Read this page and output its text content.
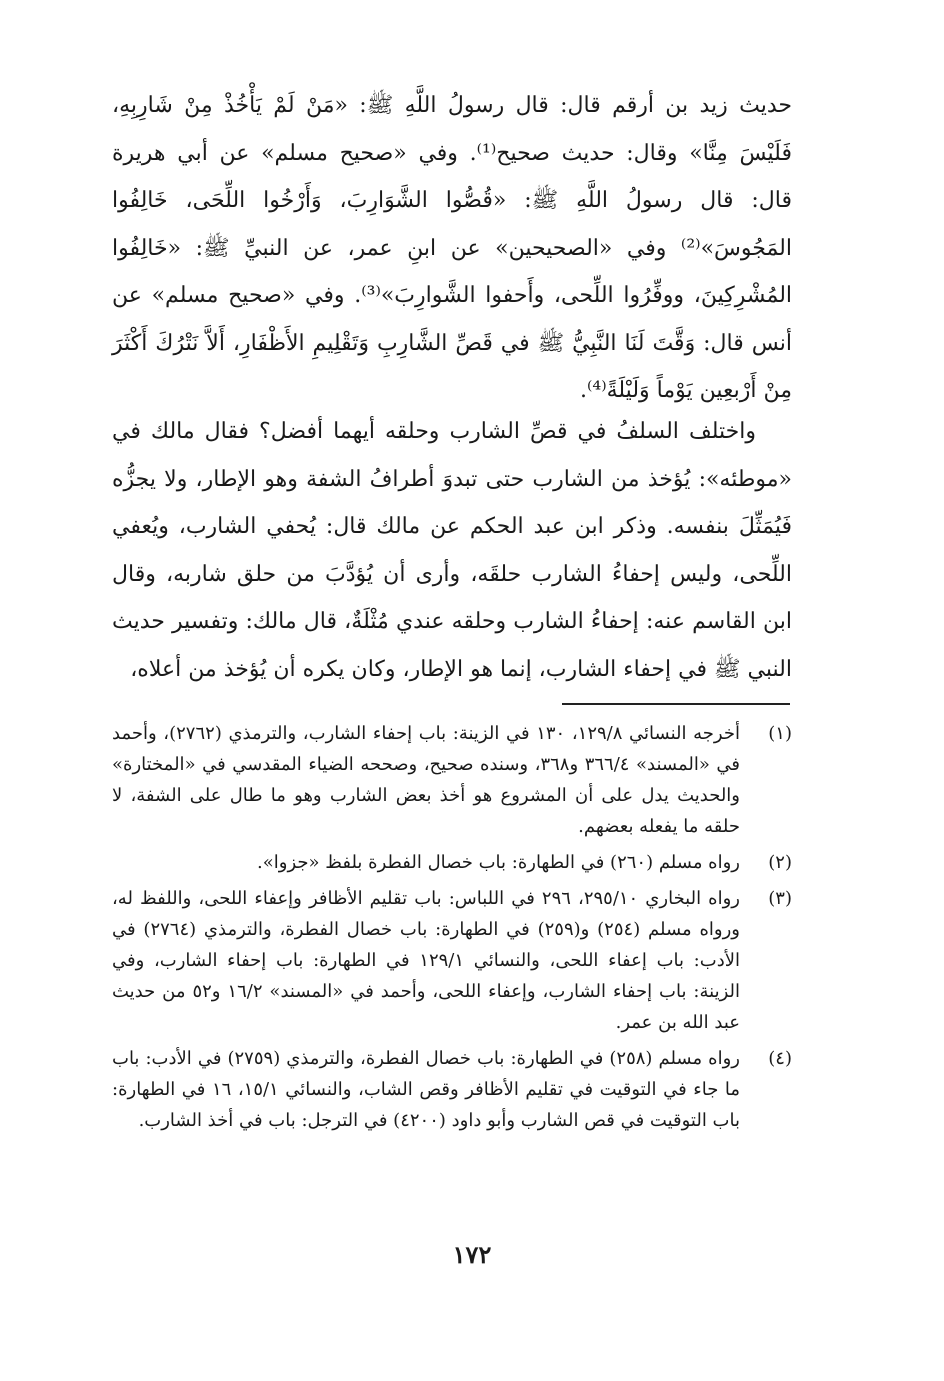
حديث زيد بن أرقم قال: قال رسولُ اللَّهِ ﷺ: «مَنْ لَمْ يَأْخُذْ مِنْ شَارِبِهِ، فَلَيْسَ مِنَّا» وقال: حديث صحيح⁽¹⁾. وفي «صحيح مسلم» عن أبي هريرة قال: قال رسولُ اللَّهِ ﷺ: «قُصُّوا الشَّوَارِبَ، وَأَرْخُوا اللِّحَى، خَالِفُوا المَجُوسَ»⁽²⁾ وفي «الصحيحين» عن ابنِ عمر، عن النبيِّ ﷺ: «خَالِفُوا المُشْرِكِينَ، ووفِّرُوا اللِّحى، وأَحفوا الشَّوارِبَ»⁽³⁾. وفي «صحيح مسلم» عن أنس قال: وَقَّتَ لَنَا النَّبِيُّ ﷺ في قَصِّ الشَّارِبِ وَتَقْلِيمِ الأَظْفَارِ، أَلاَّ نَتْرُكَ أَكْثَرَ مِنْ أَرْبعِين يَوْماً وَلَيْلَةً⁽⁴⁾.

واختلف السلفُ في قصِّ الشارب وحلقه أيهما أفضل؟ فقال مالك في «موطئه»: يُؤخذ من الشارب حتى تبدوَ أطرافُ الشفة وهو الإطار، ولا يجزُّه فَيُمَثِّلَ بنفسه. وذكر ابن عبد الحكم عن مالك قال: يُحفي الشارب، ويُعفي اللِّحى، وليس إحفاءُ الشارب حلقَه، وأرى أن يُؤدَّبَ من حلق شاربه، وقال ابن القاسم عنه: إحفاءُ الشارب وحلقه عندي مُثْلَةٌ، قال مالك: وتفسير حديث النبي ﷺ في إحفاء الشارب، إنما هو الإطار، وكان يكره أن يُؤخذ من أعلاه،

(١)
أخرجه النسائي ١٢٩/٨، ١٣٠ في الزينة: باب إحفاء الشارب، والترمذي (٢٧٦٢)، وأحمد في «المسند» ٣٦٦/٤ و٣٦٨، وسنده صحيح، وصححه الضياء المقدسي في «المختارة» والحديث يدل على أن المشروع هو أخذ بعض الشارب وهو ما طال على الشفة، لا حلقه ما يفعله بعضهم.
(٢)
رواه مسلم (٢٦٠) في الطهارة: باب خصال الفطرة بلفظ «جزوا».
(٣)
رواه البخاري ٢٩٥/١٠، ٢٩٦ في اللباس: باب تقليم الأظافر وإعفاء اللحى، واللفظ له، ورواه مسلم (٢٥٤) و(٢٥٩) في الطهارة: باب خصال الفطرة، والترمذي (٢٧٦٤) في الأدب: باب إعفاء اللحى، والنسائي ١٢٩/١ في الطهارة: باب إحفاء الشارب، وفي الزينة: باب إحفاء الشارب، وإعفاء اللحى، وأحمد في «المسند» ١٦/٢ و٥٢ من حديث عبد الله بن عمر.
(٤)
رواه مسلم (٢٥٨) في الطهارة: باب خصال الفطرة، والترمذي (٢٧٥٩) في الأدب: باب ما جاء في التوقيت في تقليم الأظافر وقص الشاب، والنسائي ١٥/١، ١٦ في الطهارة: باب التوقيت في قص الشارب وأبو داود (٤٢٠٠) في الترجل: باب في أخذ الشارب.
١٧٢
